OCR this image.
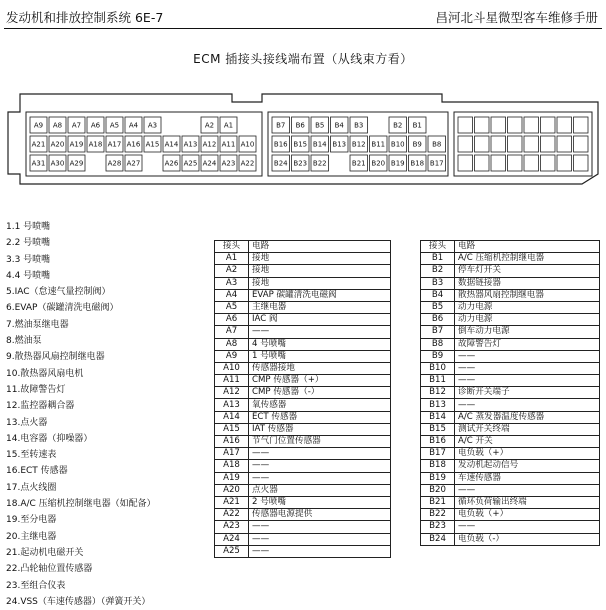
发动机和排放控制系统 6E-7	昌河北斗星微型客车维修手册
ECM 插接头接线端布置（从线束方看）
A9 A8 A7 A6 A5 A4 A3	A2 A1
A21 A20 A19 A18 A17 A16 A15 A14 A13 A12 A11 A10
A31 A30 A29	A28 A27	A26 A25 A24 A23 A22
B7 B6 B5 B4 B3	B2 B1
B16 B15 B14 B13 B12 B11 B10 B9 B8
B24 B23 B22	B21 B20 B19 B18 B17
1.1 号喷嘴
2.2 号喷嘴
3.3 号喷嘴
4.4 号喷嘴
5.IAC（怠速气量控制阀）
6.EVAP（碳罐清洗电磁阀）
7.燃油泵继电器
8.燃油泵
9.散热器风扇控制继电器
10.散热器风扇电机
11.故障警告灯
12.监控器耦合器
13.点火器
14.电容器（抑噪器）
15.至转速表
16.ECT 传感器
17.点火线圈
18.A/C 压缩机控制继电器（如配备）
19.至分电器
20.主继电器
21.起动机电磁开关
22.凸轮轴位置传感器
23.至组合仪表
24.VSS（车速传感器）（弹簧开关）
接头	电路
A1	接地
A2	接地
A3	接地
A4	EVAP 碳罐清洗电磁阀
A5	主继电器
A6	IAC 阀
A7	——
A8	4 号喷嘴
A9	1 号喷嘴
A10	传感器接地
A11	CMP 传感器（+）
A12	CMP 传感器（-）
A13	氧传感器
A14	ECT 传感器
A15	IAT 传感器
A16	节气门位置传感器
A17	——
A18	——
A19	——
A20	点火器
A21	2 号喷嘴
A22	传感器电源提供
A23	——
A24	——
A25	——
接头	电路
B1	A/C 压缩机控制继电器
B2	停车灯开关
B3	数据链接器
B4	散热器风扇控制继电器
B5	动力电源
B6	动力电源
B7	倒车动力电源
B8	故障警告灯
B9	——
B10	——
B11	——
B12	诊断开关端子
B13	——
B14	A/C 蒸发器温度传感器
B15	测试开关终端
B16	A/C 开关
B17	电负载（+）
B18	发动机起动信号
B19	车速传感器
B20	——
B21	循环负荷输出终端
B22	电负载（+）
B23	——
B24	电负载（-）
